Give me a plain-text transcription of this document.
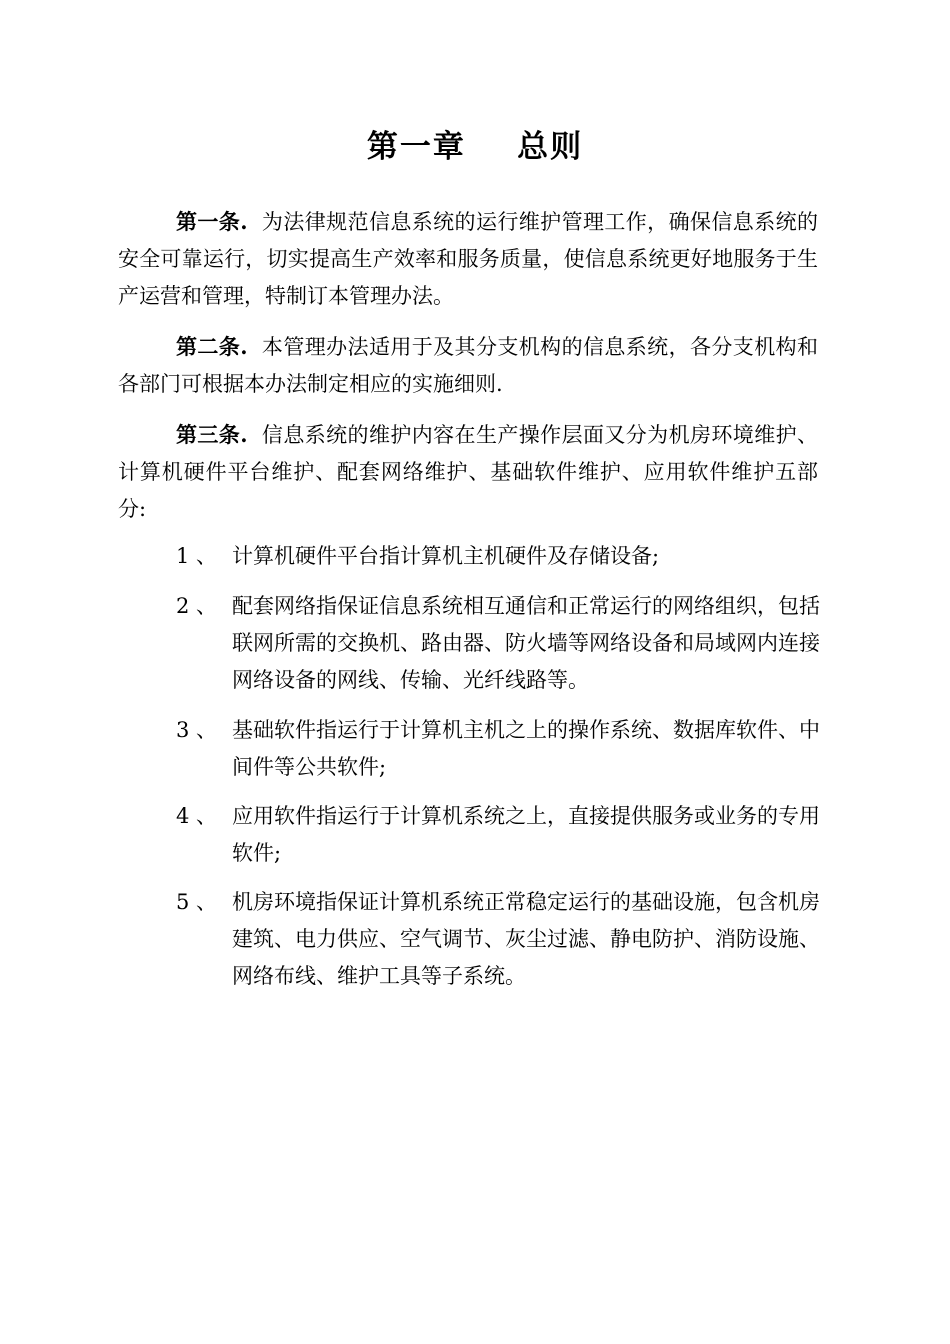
第一章    总则

第一条. 为法律规范信息系统的运行维护管理工作，确保信息系统的安全可靠运行，切实提高生产效率和服务质量，使信息系统更好地服务于生产运营和管理，特制订本管理办法。

第二条. 本管理办法适用于及其分支机构的信息系统，各分支机构和各部门可根据本办法制定相应的实施细则.

第三条. 信息系统的维护内容在生产操作层面又分为机房环境维护、计算机硬件平台维护、配套网络维护、基础软件维护、应用软件维护五部分:

1 、 计算机硬件平台指计算机主机硬件及存储设备;
2 、 配套网络指保证信息系统相互通信和正常运行的网络组织，包括联网所需的交换机、路由器、防火墙等网络设备和局域网内连接网络设备的网线、传输、光纤线路等。
3 、 基础软件指运行于计算机主机之上的操作系统、数据库软件、中间件等公共软件;
4 、 应用软件指运行于计算机系统之上，直接提供服务或业务的专用软件;
5 、 机房环境指保证计算机系统正常稳定运行的基础设施，包含机房建筑、电力供应、空气调节、灰尘过滤、静电防护、消防设施、网络布线、维护工具等子系统。
